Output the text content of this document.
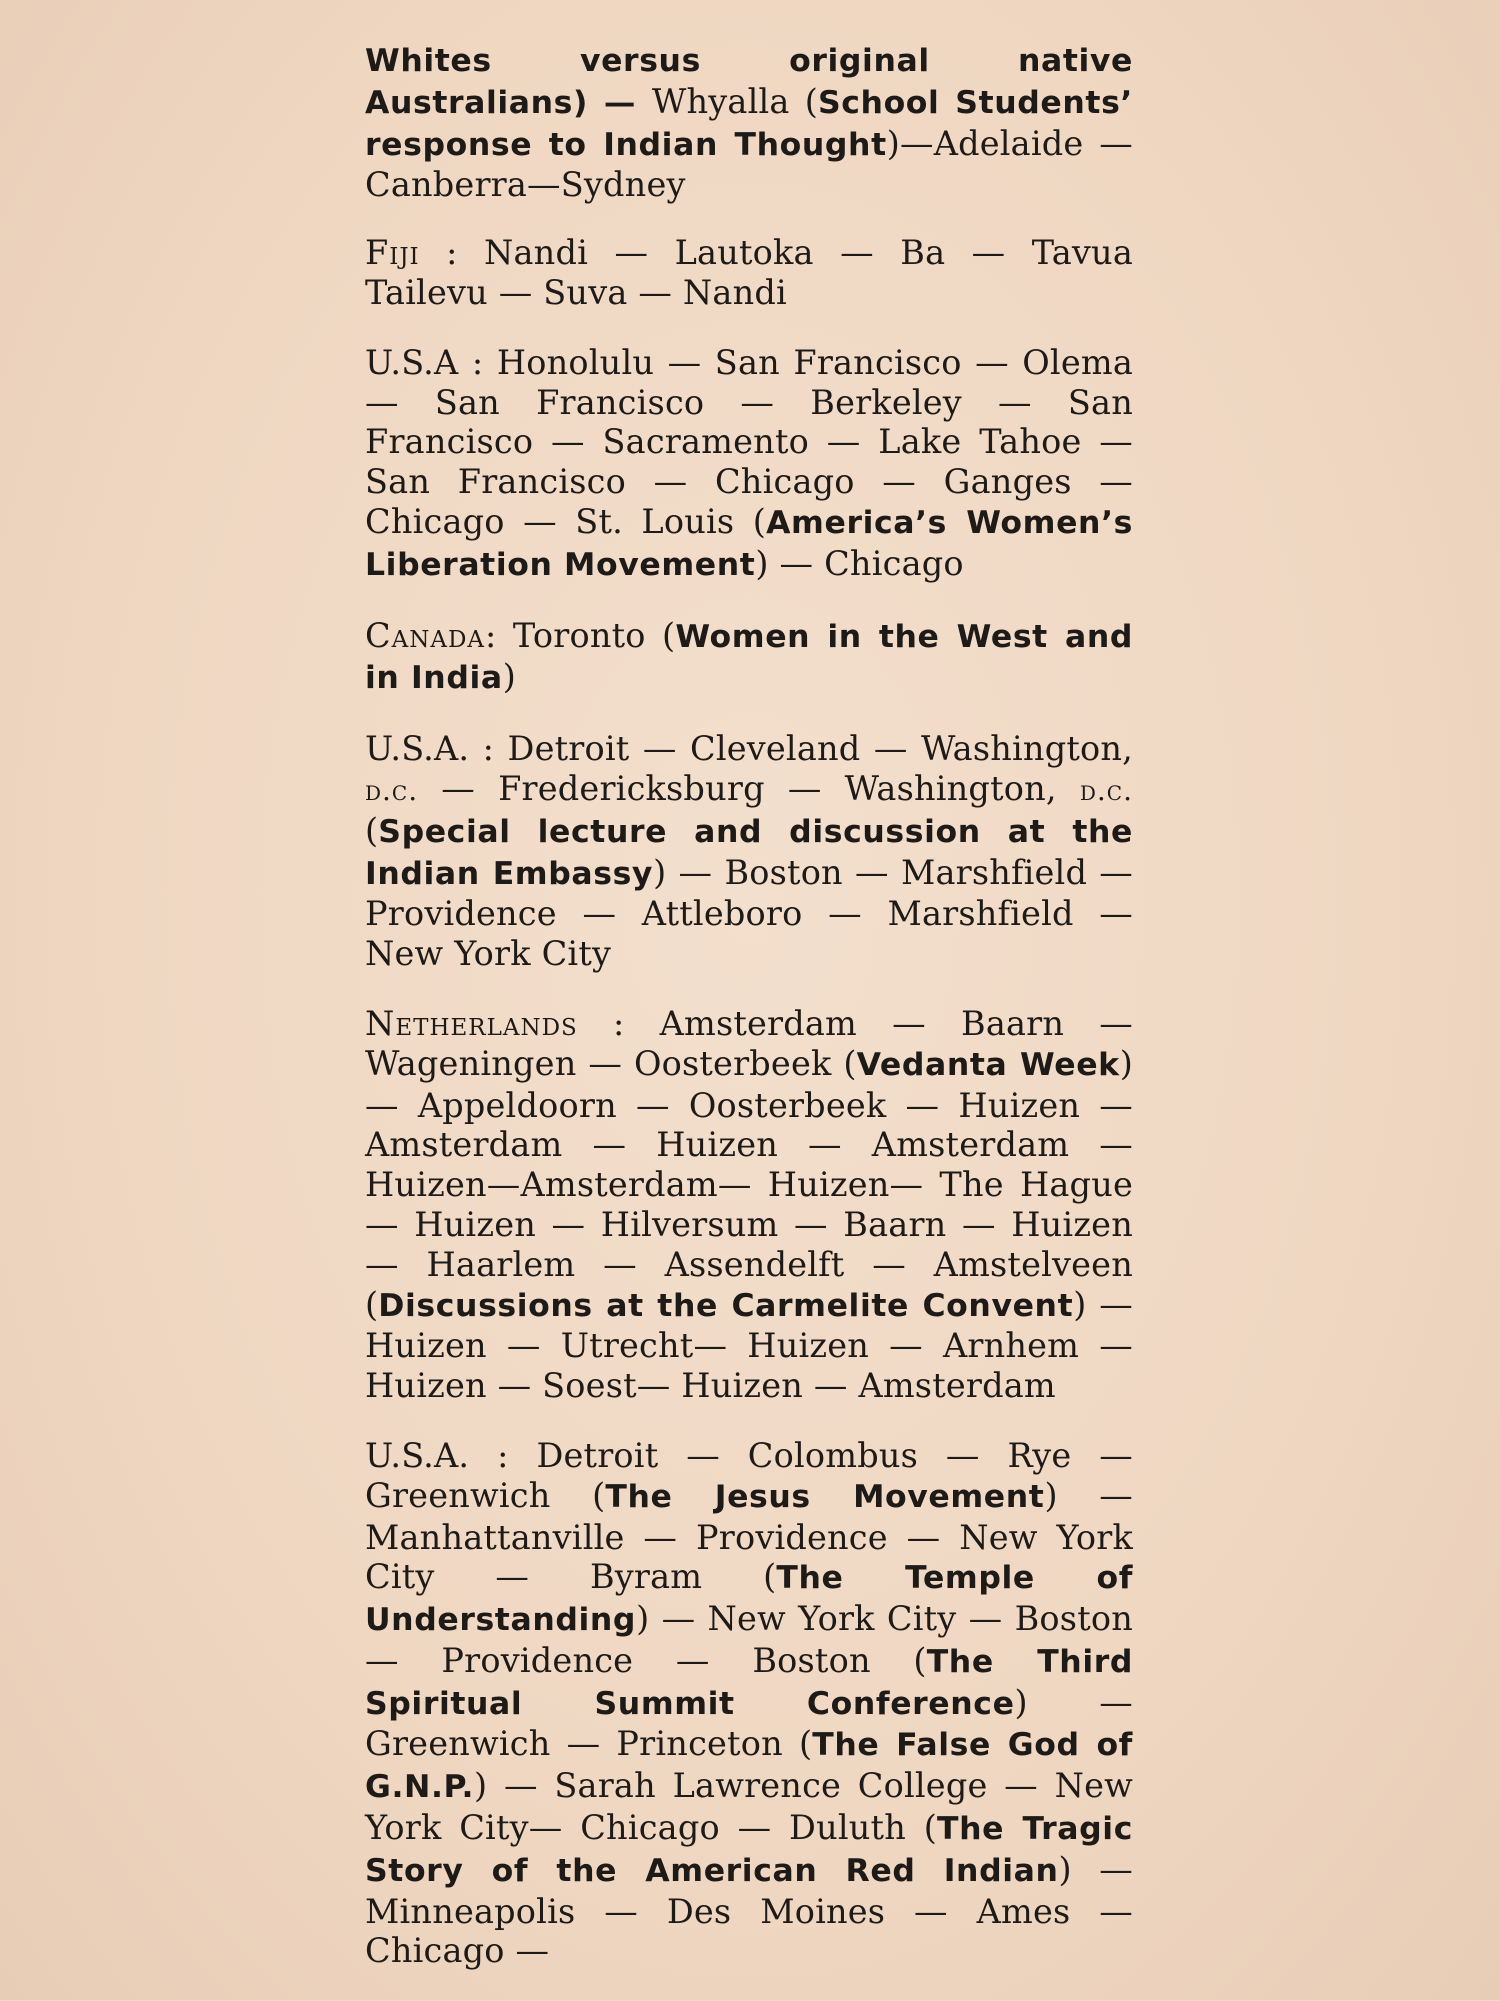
Whites versus original native Australians) — Whyalla (School Students’ response to Indian Thought)—Adelaide — Canberra—Sydney

Fiji : Nandi — Lautoka — Ba — Tavua Tailevu — Suva — Nandi

U.S.A : Honolulu — San Francisco — Olema — San Francisco — Berkeley — San Francisco — Sacramento — Lake Tahoe — San Francisco — Chicago — Ganges — Chicago — St. Louis (America’s Women’s Liberation Movement) — Chicago

Canada: Toronto (Women in the West and in India)

U.S.A. : Detroit — Cleveland — Washington, d.c. — Fredericksburg — Washington, d.c. (Special lecture and discussion at the Indian Embassy) — Boston — Marshfield — Providence — Attleboro — Marshfield — New York City

Netherlands : Amsterdam — Baarn — Wageningen — Oosterbeek (Vedanta Week) — Appeldoorn — Oosterbeek — Huizen — Amsterdam — Huizen — Amsterdam — Huizen—Amsterdam— Huizen— The Hague — Huizen — Hilversum — Baarn — Huizen — Haarlem — Assendelft — Amstelveen (Discussions at the Carmelite Convent) — Huizen — Utrecht— Huizen — Arnhem — Huizen — Soest— Huizen — Amsterdam

U.S.A. : Detroit — Colombus — Rye — Greenwich (The Jesus Movement) — Manhattanville — Providence — New York City — Byram (The Temple of Understanding) — New York City — Boston — Providence — Boston (The Third Spiritual Summit Conference) — Greenwich — Princeton (The False God of G.N.P.) — Sarah Lawrence College — New York City— Chicago — Duluth (The Tragic Story of the American Red Indian) —Minneapolis — Des Moines — Ames — Chicago —
